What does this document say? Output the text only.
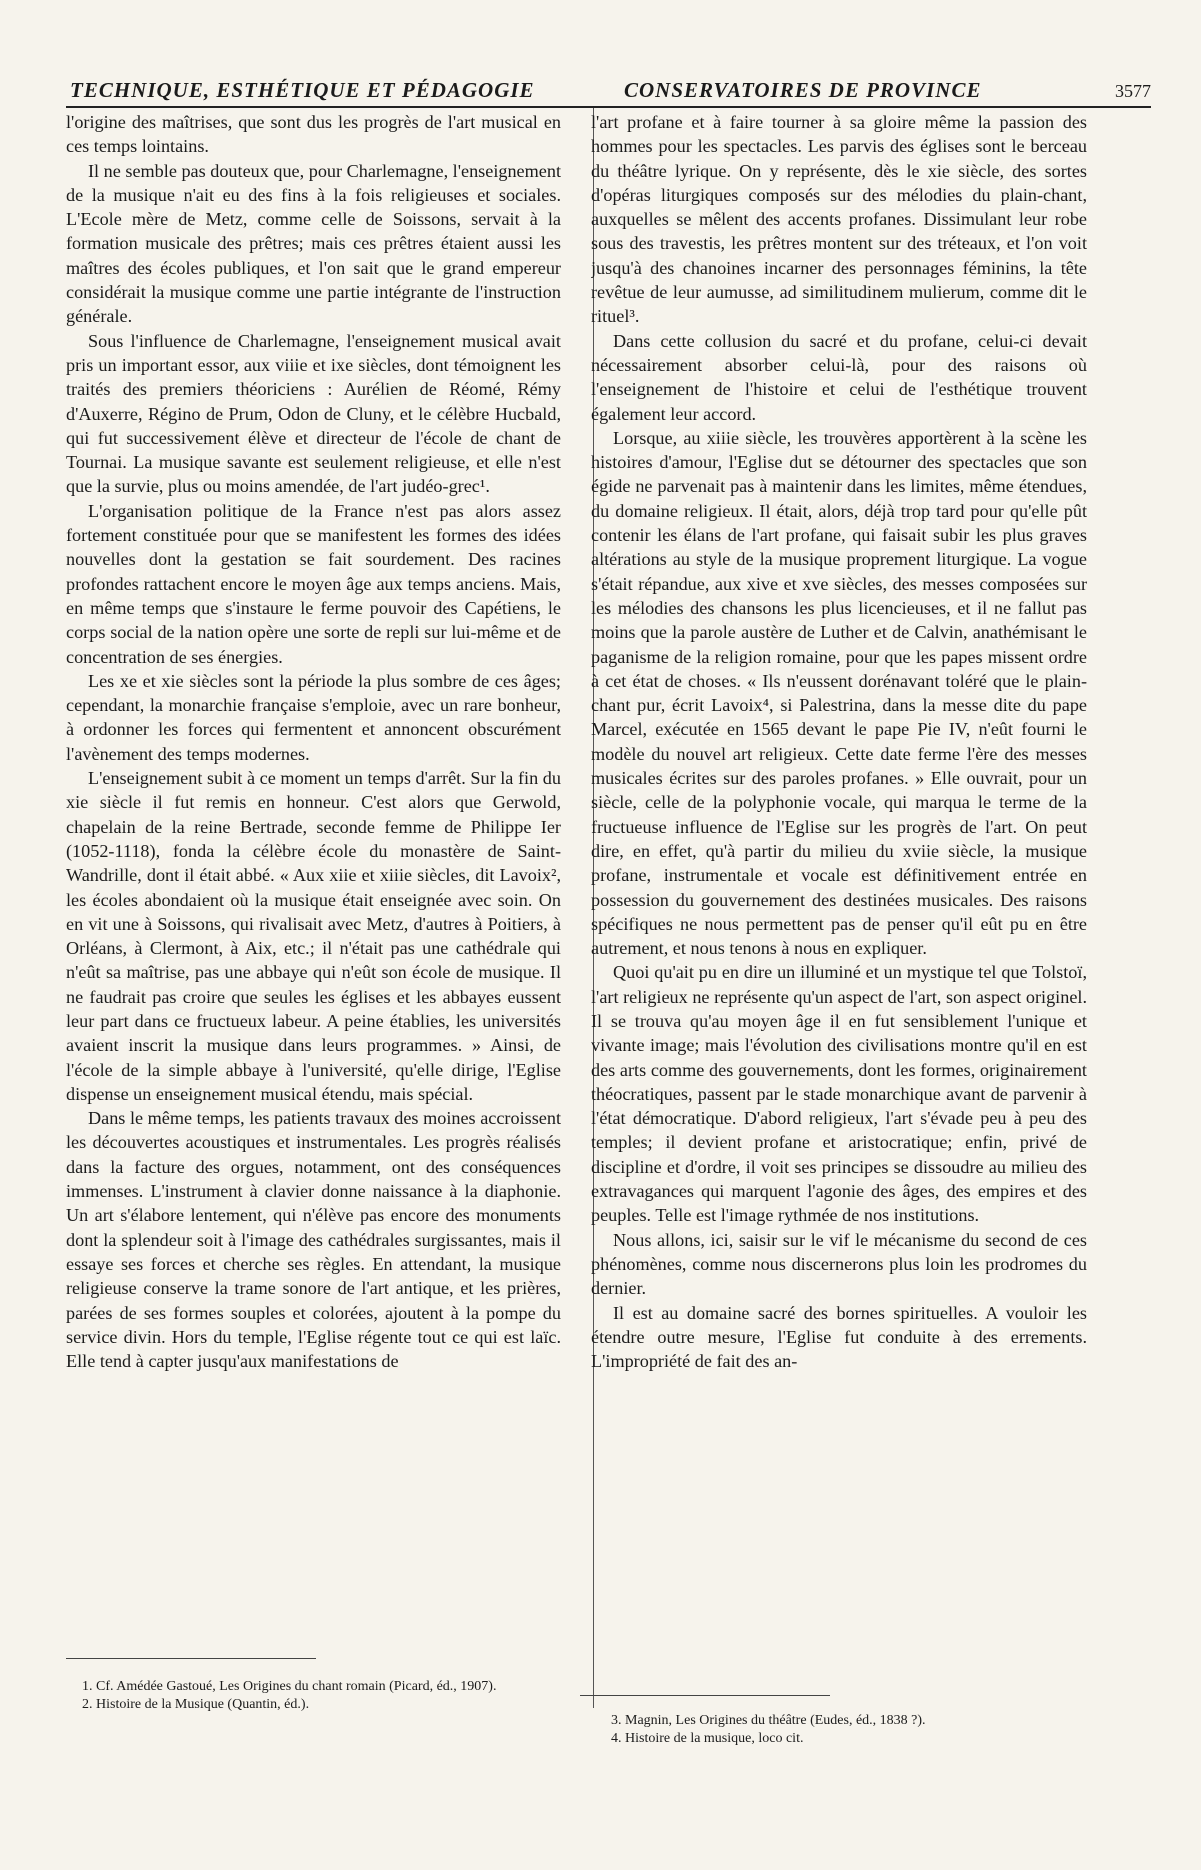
TECHNIQUE, ESTHÉTIQUE ET PÉDAGOGIE	CONSERVATOIRES DE PROVINCE	3577

l'origine des maîtrises, que sont dus les progrès de l'art musical en ces temps lointains.

Il ne semble pas douteux que, pour Charlemagne, l'enseignement de la musique n'ait eu des fins à la fois religieuses et sociales. L'Ecole mère de Metz, comme celle de Soissons, servait à la formation musicale des prêtres; mais ces prêtres étaient aussi les maîtres des écoles publiques, et l'on sait que le grand empereur considérait la musique comme une partie intégrante de l'instruction générale.

Sous l'influence de Charlemagne, l'enseignement musical avait pris un important essor, aux viiie et ixe siècles, dont témoignent les traités des premiers théoriciens : Aurélien de Réomé, Rémy d'Auxerre, Régino de Prum, Odon de Cluny, et le célèbre Hucbald, qui fut successivement élève et directeur de l'école de chant de Tournai. La musique savante est seulement religieuse, et elle n'est que la survie, plus ou moins amendée, de l'art judéo-grec¹.

L'organisation politique de la France n'est pas alors assez fortement constituée pour que se manifestent les formes des idées nouvelles dont la gestation se fait sourdement. Des racines profondes rattachent encore le moyen âge aux temps anciens. Mais, en même temps que s'instaure le ferme pouvoir des Capétiens, le corps social de la nation opère une sorte de repli sur lui-même et de concentration de ses énergies.

Les xe et xie siècles sont la période la plus sombre de ces âges; cependant, la monarchie française s'emploie, avec un rare bonheur, à ordonner les forces qui fermentent et annoncent obscurément l'avènement des temps modernes.

L'enseignement subit à ce moment un temps d'arrêt. Sur la fin du xie siècle il fut remis en honneur. C'est alors que Gerwold, chapelain de la reine Bertrade, seconde femme de Philippe Ier (1052-1118), fonda la célèbre école du monastère de Saint-Wandrille, dont il était abbé. « Aux xiie et xiiie siècles, dit Lavoix², les écoles abondaient où la musique était enseignée avec soin. On en vit une à Soissons, qui rivalisait avec Metz, d'autres à Poitiers, à Orléans, à Clermont, à Aix, etc.; il n'était pas une cathédrale qui n'eût sa maîtrise, pas une abbaye qui n'eût son école de musique. Il ne faudrait pas croire que seules les églises et les abbayes eussent leur part dans ce fructueux labeur. A peine établies, les universités avaient inscrit la musique dans leurs programmes. » Ainsi, de l'école de la simple abbaye à l'université, qu'elle dirige, l'Eglise dispense un enseignement musical étendu, mais spécial.

Dans le même temps, les patients travaux des moines accroissent les découvertes acoustiques et instrumentales. Les progrès réalisés dans la facture des orgues, notamment, ont des conséquences immenses. L'instrument à clavier donne naissance à la diaphonie. Un art s'élabore lentement, qui n'élève pas encore des monuments dont la splendeur soit à l'image des cathédrales surgissantes, mais il essaye ses forces et cherche ses règles. En attendant, la musique religieuse conserve la trame sonore de l'art antique, et les prières, parées de ses formes souples et colorées, ajoutent à la pompe du service divin. Hors du temple, l'Eglise régente tout ce qui est laïc. Elle tend à capter jusqu'aux manifestations de

l'art profane et à faire tourner à sa gloire même la passion des hommes pour les spectacles. Les parvis des églises sont le berceau du théâtre lyrique. On y représente, dès le xie siècle, des sortes d'opéras liturgiques composés sur des mélodies du plain-chant, auxquelles se mêlent des accents profanes. Dissimulant leur robe sous des travestis, les prêtres montent sur des tréteaux, et l'on voit jusqu'à des chanoines incarner des personnages féminins, la tête revêtue de leur aumusse, ad similitudinem mulierum, comme dit le rituel³.

Dans cette collusion du sacré et du profane, celui-ci devait nécessairement absorber celui-là, pour des raisons où l'enseignement de l'histoire et celui de l'esthétique trouvent également leur accord.

Lorsque, au xiiie siècle, les trouvères apportèrent à la scène les histoires d'amour, l'Eglise dut se détourner des spectacles que son égide ne parvenait pas à maintenir dans les limites, même étendues, du domaine religieux. Il était, alors, déjà trop tard pour qu'elle pût contenir les élans de l'art profane, qui faisait subir les plus graves altérations au style de la musique proprement liturgique. La vogue s'était répandue, aux xive et xve siècles, des messes composées sur les mélodies des chansons les plus licencieuses, et il ne fallut pas moins que la parole austère de Luther et de Calvin, anathémisant le paganisme de la religion romaine, pour que les papes missent ordre à cet état de choses. « Ils n'eussent dorénavant toléré que le plain-chant pur, écrit Lavoix⁴, si Palestrina, dans la messe dite du pape Marcel, exécutée en 1565 devant le pape Pie IV, n'eût fourni le modèle du nouvel art religieux. Cette date ferme l'ère des messes musicales écrites sur des paroles profanes. » Elle ouvrait, pour un siècle, celle de la polyphonie vocale, qui marqua le terme de la fructueuse influence de l'Eglise sur les progrès de l'art. On peut dire, en effet, qu'à partir du milieu du xviie siècle, la musique profane, instrumentale et vocale est définitivement entrée en possession du gouvernement des destinées musicales. Des raisons spécifiques ne nous permettent pas de penser qu'il eût pu en être autrement, et nous tenons à nous en expliquer.

Quoi qu'ait pu en dire un illuminé et un mystique tel que Tolstoï, l'art religieux ne représente qu'un aspect de l'art, son aspect originel. Il se trouva qu'au moyen âge il en fut sensiblement l'unique et vivante image; mais l'évolution des civilisations montre qu'il en est des arts comme des gouvernements, dont les formes, originairement théocratiques, passent par le stade monarchique avant de parvenir à l'état démocratique. D'abord religieux, l'art s'évade peu à peu des temples; il devient profane et aristocratique; enfin, privé de discipline et d'ordre, il voit ses principes se dissoudre au milieu des extravagances qui marquent l'agonie des âges, des empires et des peuples. Telle est l'image rythmée de nos institutions.

Nous allons, ici, saisir sur le vif le mécanisme du second de ces phénomènes, comme nous discernerons plus loin les prodromes du dernier.

Il est au domaine sacré des bornes spirituelles. A vouloir les étendre outre mesure, l'Eglise fut conduite à des errements. L'impropriété de fait des an-

1. Cf. Amédée Gastoué, Les Origines du chant romain (Picard, éd., 1907).
2. Histoire de la Musique (Quantin, éd.).
3. Magnin, Les Origines du théâtre (Eudes, éd., 1838 ?).
4. Histoire de la musique, loco cit.
